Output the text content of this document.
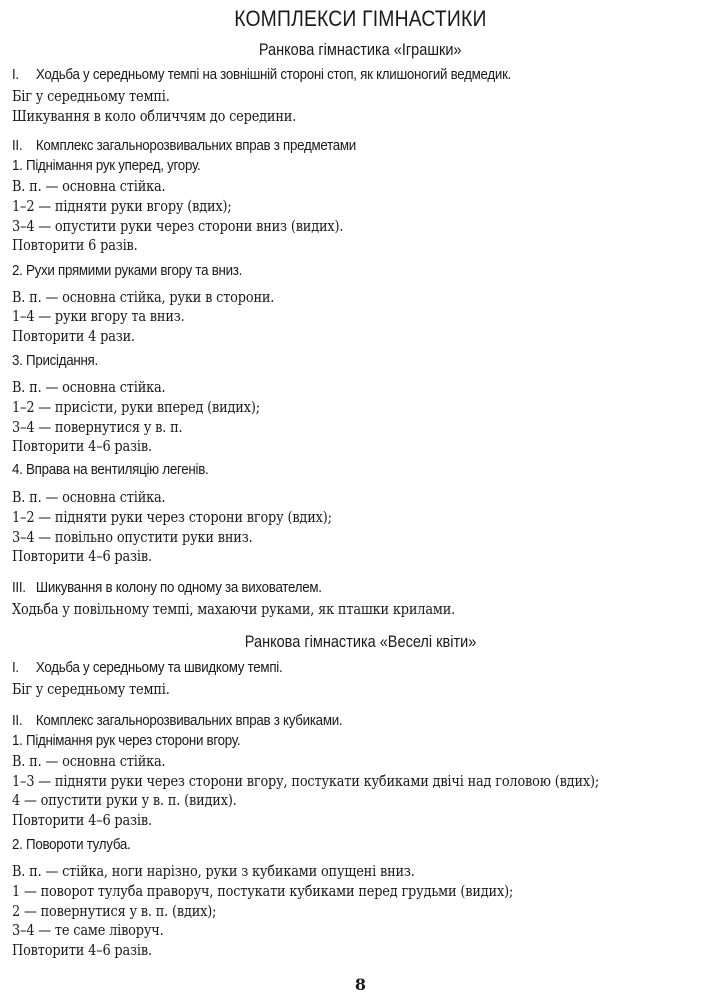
КОМПЛЕКСИ ГІМНАСТИКИ
Ранкова гімнастика «Іграшки»
I. Ходьба у середньому темпі на зовнішній стороні стоп, як клишоногий ведмедик.
Біг у середньому темпі.
Шикування в коло обличчям до середини.
II. Комплекс загальнорозвивальних вправ з предметами
1. Піднімання рук уперед, угору.
В. п. — основна стійка.
1–2 — підняти руки вгору (вдих);
3–4 — опустити руки через сторони вниз (видих).
Повторити 6 разів.
2. Рухи прямими руками вгору та вниз.
В. п. — основна стійка, руки в сторони.
1–4 — руки вгору та вниз.
Повторити 4 рази.
3. Присідання.
В. п. — основна стійка.
1–2 — присісти, руки вперед (видих);
3–4 — повернутися у в. п.
Повторити 4–6 разів.
4. Вправа на вентиляцію легенів.
В. п. — основна стійка.
1–2 — підняти руки через сторони вгору (вдих);
3–4 — повільно опустити руки вниз.
Повторити 4–6 разів.
III. Шикування в колону по одному за вихователем.
Ходьба у повільному темпі, махаючи руками, як пташки крилами.
Ранкова гімнастика «Веселі квіти»
I. Ходьба у середньому та швидкому темпі.
Біг у середньому темпі.
II. Комплекс загальнорозвивальних вправ з кубиками.
1. Піднімання рук через сторони вгору.
В. п. — основна стійка.
1–3 — підняти руки через сторони вгору, постукати кубиками двічі над головою (вдих);
4 — опустити руки у в. п. (видих).
Повторити 4–6 разів.
2. Повороти тулуба.
В. п. — стійка, ноги нарізно, руки з кубиками опущені вниз.
1 — поворот тулуба праворуч, постукати кубиками перед грудьми (видих);
2 — повернутися у в. п. (вдих);
3–4 — те саме ліворуч.
Повторити 4–6 разів.
8
